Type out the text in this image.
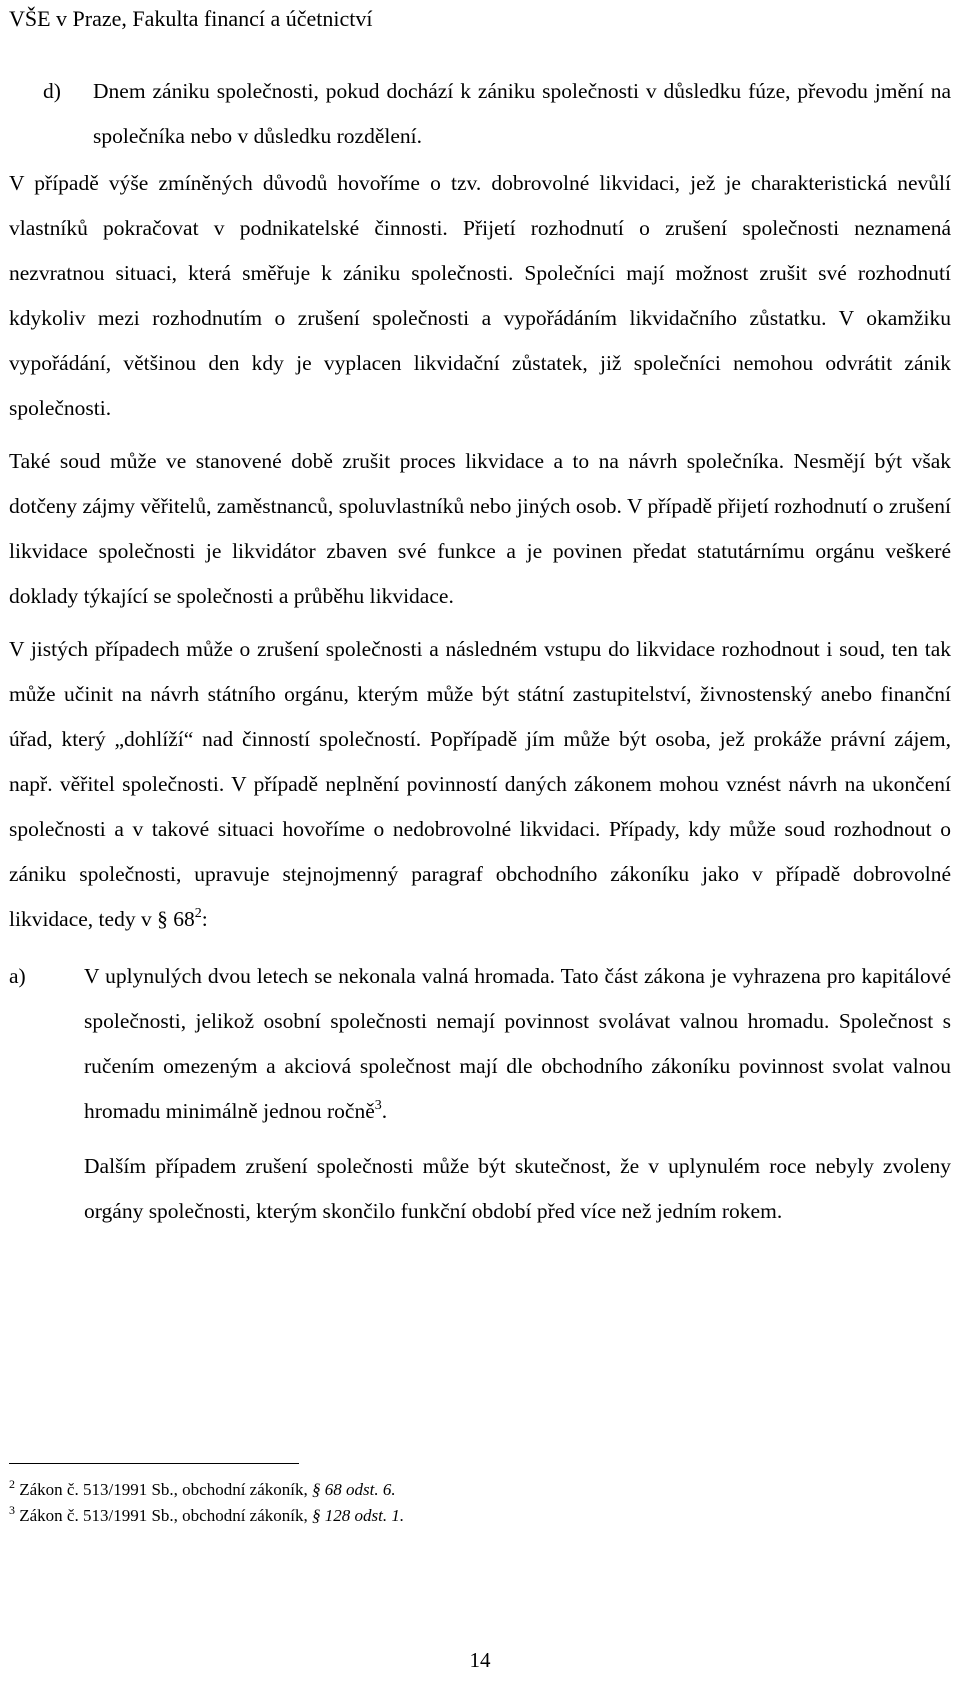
VŠE v Praze, Fakulta financí a účetnictví
d)	Dnem zániku společnosti, pokud dochází k zániku společnosti v důsledku fúze, převodu jmění na společníka nebo v důsledku rozdělení.

V případě výše zmíněných důvodů hovoříme o tzv. dobrovolné likvidaci, jež je charakteristická nevůlí vlastníků pokračovat v podnikatelské činnosti. Přijetí rozhodnutí o zrušení společnosti neznamená nezvratnou situaci, která směřuje k zániku společnosti. Společníci mají možnost zrušit své rozhodnutí kdykoliv mezi rozhodnutím o zrušení společnosti a vypořádáním likvidačního zůstatku. V okamžiku vypořádání, většinou den kdy je vyplacen likvidační zůstatek, již společníci nemohou odvrátit zánik společnosti.

Také soud může ve stanovené době zrušit proces likvidace a to na návrh společníka. Nesmějí být však dotčeny zájmy věřitelů, zaměstnanců, spoluvlastníků nebo jiných osob. V případě přijetí rozhodnutí o zrušení likvidace společnosti je likvidátor zbaven své funkce a je povinen předat statutárnímu orgánu veškeré doklady týkající se společnosti a průběhu likvidace.

V jistých případech může o zrušení společnosti a následném vstupu do likvidace rozhodnout i soud, ten tak může učinit na návrh státního orgánu, kterým může být státní zastupitelství, živnostenský anebo finanční úřad, který „dohlíží“ nad činností společností. Popřípadě jím může být osoba, jež prokáže právní zájem, např. věřitel společnosti. V případě neplnění povinností daných zákonem mohou vznést návrh na ukončení společnosti a v takové situaci hovoříme o nedobrovolné likvidaci. Případy, kdy může soud rozhodnout o zániku společnosti, upravuje stejnojmenný paragraf obchodního zákoníku jako v případě dobrovolné likvidace, tedy v § $68^2$:

a)	V uplynulých dvou letech se nekonala valná hromada. Tato část zákona je vyhrazena pro kapitálové společnosti, jelikož osobní společnosti nemají povinnost svolávat valnou hromadu. Společnost s ručením omezeným a akciová společnost mají dle obchodního zákoníku povinnost svolat valnou hromadu minimálně jednou ročně$^3$.

Dalším případem zrušení společnosti může být skutečnost, že v uplynulém roce nebyly zvoleny orgány společnosti, kterým skončilo funkční období před více než jedním rokem.

$^2$ Zákon č. 513/1991 Sb., obchodní zákoník, § 68 odst. 6.
$^3$ Zákon č. 513/1991 Sb., obchodní zákoník, § 128 odst. 1.
14
